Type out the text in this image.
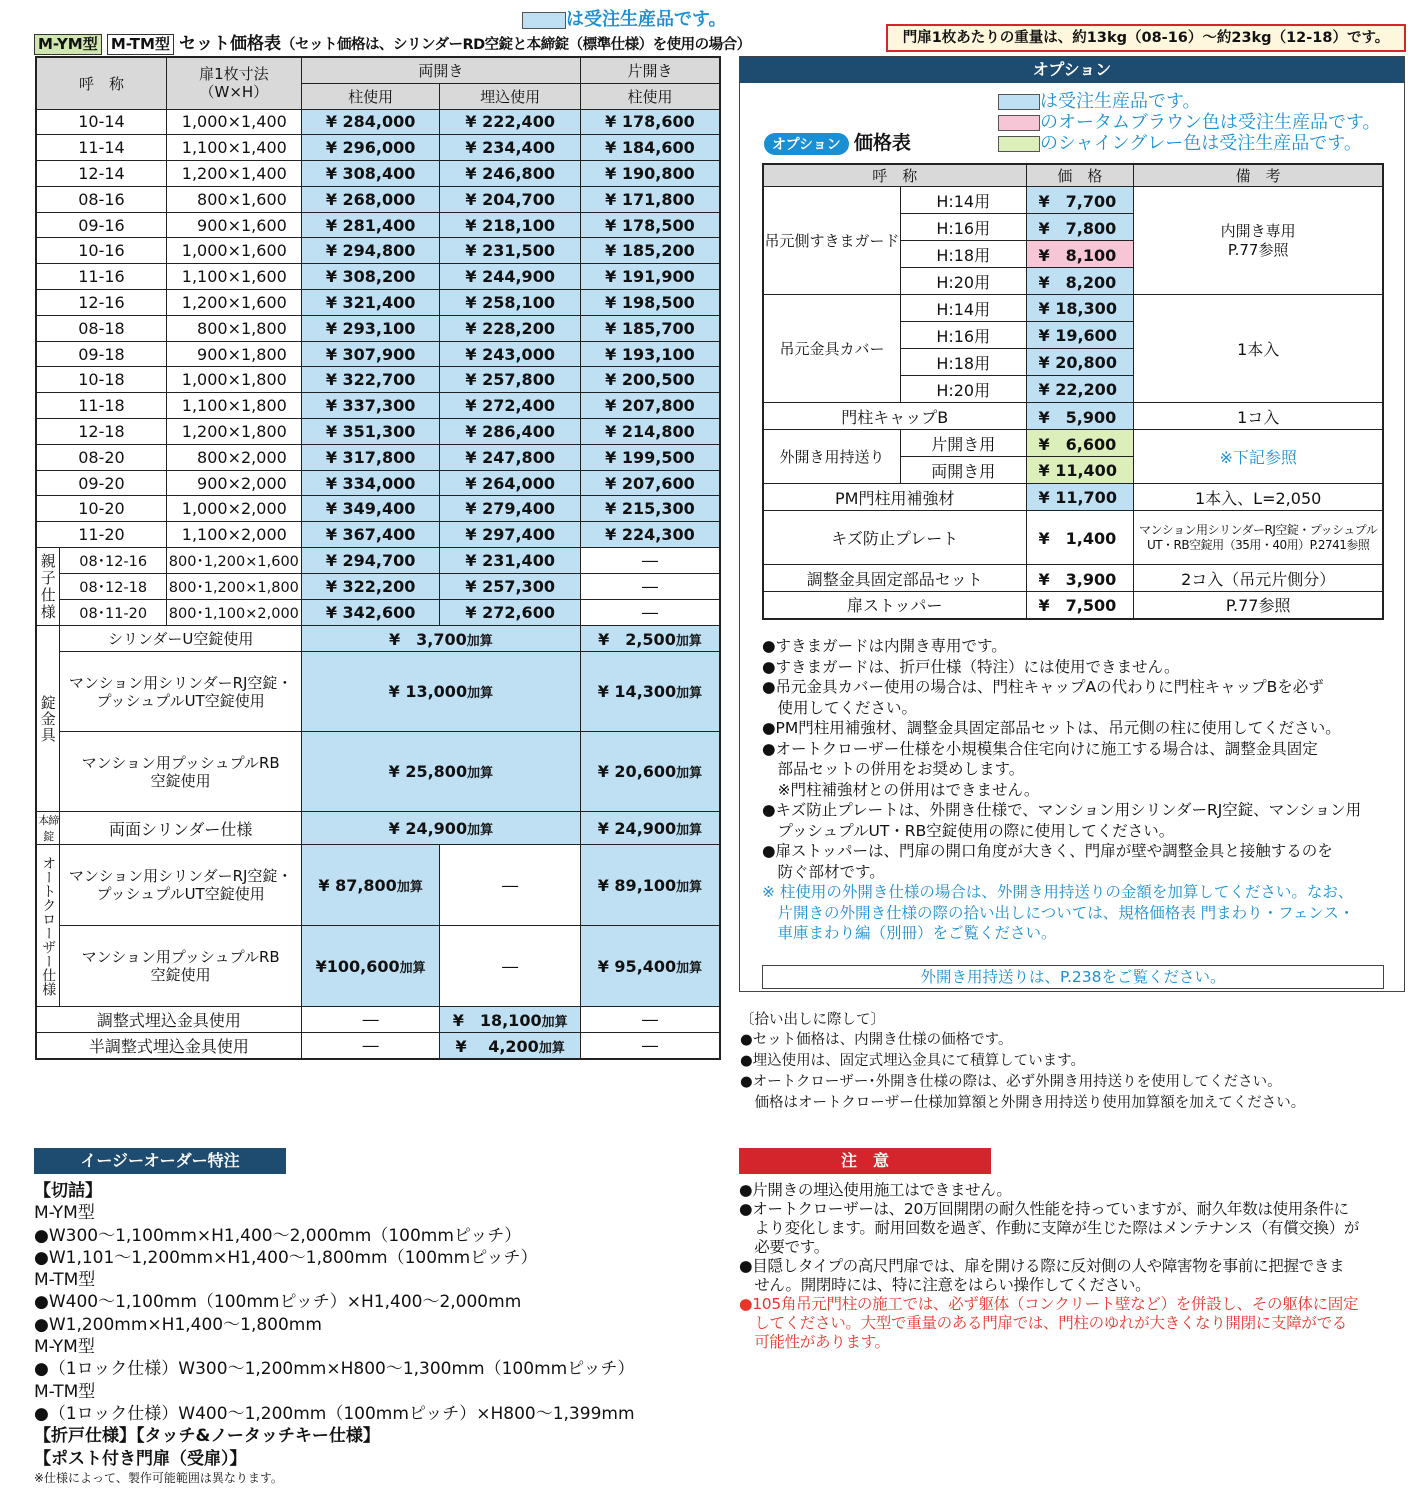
は受注生産品です。
M-YM型 M-TM型 セット価格表（セット価格は、シリンダーRD空錠と本締錠（標準仕様）を使用の場合）	門扉1枚あたりの重量は、約13kg（08-16）～約23kg（12-18）です。
呼　称		扉1枚寸法
（W×H）	両開き		片開き
			柱使用	埋込使用	柱使用
10-14		1,000×1,400	¥ 284,000	¥ 222,400	¥ 178,600
11-14		1,100×1,400	¥ 296,000	¥ 234,400	¥ 184,600
12-14		1,200×1,400	¥ 308,400	¥ 246,800	¥ 190,800
08-16		800×1,600	¥ 268,000	¥ 204,700	¥ 171,800
09-16		900×1,600	¥ 281,400	¥ 218,100	¥ 178,500
10-16		1,000×1,600	¥ 294,800	¥ 231,500	¥ 185,200
11-16		1,100×1,600	¥ 308,200	¥ 244,900	¥ 191,900
12-16		1,200×1,600	¥ 321,400	¥ 258,100	¥ 198,500
08-18		800×1,800	¥ 293,100	¥ 228,200	¥ 185,700
09-18		900×1,800	¥ 307,900	¥ 243,000	¥ 193,100
10-18		1,000×1,800	¥ 322,700	¥ 257,800	¥ 200,500
11-18		1,100×1,800	¥ 337,300	¥ 272,400	¥ 207,800
12-18		1,200×1,800	¥ 351,300	¥ 286,400	¥ 214,800
08-20		800×2,000	¥ 317,800	¥ 247,800	¥ 199,500
09-20		900×2,000	¥ 334,000	¥ 264,000	¥ 207,600
10-20		1,000×2,000	¥ 349,400	¥ 279,400	¥ 215,300
11-20		1,100×2,000	¥ 367,400	¥ 297,400	¥ 224,300

親子仕様	08･12-16	800･1,200×1,600	¥ 294,700	¥ 231,400	―
	08･12-18	800･1,200×1,800	¥ 322,200	¥ 257,300	―
	08･11-20	800･1,100×2,000	¥ 342,600	¥ 272,600	―

錠金具	シリンダーU空錠使用		¥　3,700加算		¥　2,500加算
	マンション用シリンダーRJ空錠・
プッシュプルUT空錠使用		¥ 13,000加算		¥ 14,300加算
	マンション用プッシュプルRB
空錠使用		¥ 25,800加算		¥ 20,600加算
本締錠	両面シリンダー仕様		¥ 24,900加算		¥ 24,900加算

オートクローザー仕様	マンション用シリンダーRJ空錠・
プッシュプルUT空錠使用		¥ 87,800加算	―	¥ 89,100加算
	マンション用プッシュプルRB
空錠使用		¥100,600加算	―	¥ 95,400加算
調整式埋込金具使用			―	¥　18,100加算	―
半調整式埋込金具使用			―	¥　 4,200加算	―
オプション
は受注生産品です。
のオータムブラウン色は受注生産品です。
のシャイングレー色は受注生産品です。
オプション 価格表
呼　称		価　格	備　考
吊元側すきまガード	H:14用	¥　7,700	内開き専用
P.77参照
	H:16用	¥　7,800	
	H:18用	¥　8,100	
	H:20用	¥　8,200	
吊元金具カバー	H:14用	¥ 18,300	1本入
	H:16用	¥ 19,600	
	H:18用	¥ 20,800	
	H:20用	¥ 22,200	
門柱キャップB		¥　5,900	1コ入
外開き用持送り	片開き用	¥　6,600	※下記参照
	両開き用	¥ 11,400	
PM門柱用補強材		¥ 11,700	1本入、L=2,050
キズ防止プレート		¥　1,400	マンション用シリンダーRJ空錠・プッシュプル
UT・RB空錠用（35用・40用）P.2741参照
調整金具固定部品セット		¥　3,900	2コ入（吊元片側分）
扉ストッパー		¥　7,500	P.77参照

●すきまガードは内開き専用です。

●すきまガードは、折戸仕様（特注）には使用できません。

●吊元金具カバー使用の場合は、門柱キャップAの代わりに門柱キャップBを必ず

　使用してください。

●PM門柱用補強材、調整金具固定部品セットは、吊元側の柱に使用してください。

●オートクローザー仕様を小規模集合住宅向けに施工する場合は、調整金具固定

　部品セットの併用をお奨めします。

　※門柱補強材との併用はできません。

●キズ防止プレートは、外開き仕様で、マンション用シリンダーRJ空錠、マンション用

　プッシュプルUT・RB空錠使用の際に使用してください。

●扉ストッパーは、門扉の開口角度が大きく、門扉が壁や調整金具と接触するのを

　防ぐ部材です。

※ 柱使用の外開き仕様の場合は、外開き用持送りの金額を加算してください。なお、

　片開きの外開き仕様の際の拾い出しについては、規格価格表 門まわり・フェンス・

　車庫まわり編（別冊）をご覧ください。

外開き用持送りは、P.238をご覧ください。

〔拾い出しに際して〕

●セット価格は、内開き仕様の価格です。

●埋込使用は、固定式埋込金具にて積算しています。

●オートクローザー･外開き仕様の際は、必ず外開き用持送りを使用してください。

　価格はオートクローザー仕様加算額と外開き用持送り使用加算額を加えてください。

イージーオーダー特注

【切詰】

M-YM型

●W300～1,100mm×H1,400～2,000mm（100mmピッチ）

●W1,101～1,200mm×H1,400～1,800mm（100mmピッチ）

M-TM型

●W400～1,100mm（100mmピッチ）×H1,400～2,000mm

●W1,200mm×H1,400～1,800mm

M-YM型

●（1ロック仕様）W300～1,200mm×H800～1,300mm（100mmピッチ）

M-TM型

●（1ロック仕様）W400～1,200mm（100mmピッチ）×H800～1,399mm

【折戸仕様】【タッチ&ノータッチキー仕様】

【ポスト付き門扉（受扉）】

※仕様によって、製作可能範囲は異なります。

注　意

●片開きの埋込使用施工はできません。

●オートクローザーは、20万回開閉の耐久性能を持っていますが、耐久年数は使用条件に

　より変化します。耐用回数を過ぎ、作動に支障が生じた際はメンテナンス（有償交換）が

　必要です。

●目隠しタイプの高尺門扉では、扉を開ける際に反対側の人や障害物を事前に把握できま

　せん。開閉時には、特に注意をはらい操作してください。

●105角吊元門柱の施工では、必ず躯体（コンクリート壁など）を併設し、その躯体に固定

　してください。大型で重量のある門扉では、門柱のゆれが大きくなり開閉に支障がでる

　可能性があります。
